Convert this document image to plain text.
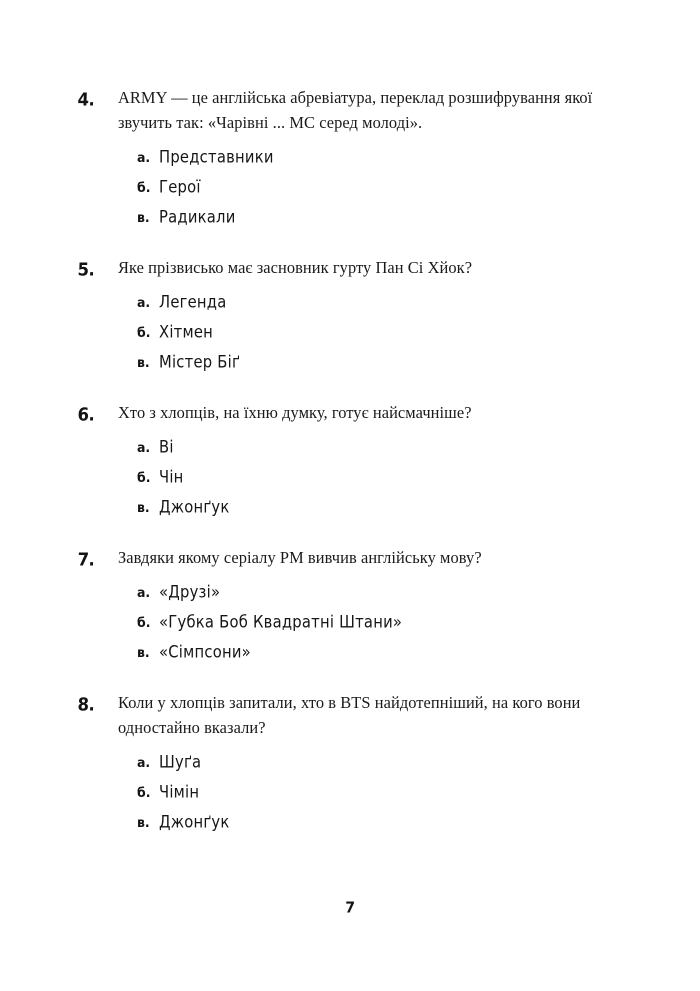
4.	ARMY — це англійська абревіатура, переклад розшифрування якої звучить так: «Чарівні ... MC серед молоді».
а. Представники
б. Герої
в. Радикали
5.	Яке прізвисько має засновник гурту Пан Сі Хйок?
а. Легенда
б. Хітмен
в. Містер Біґ
6.	Хто з хлопців, на їхню думку, готує найсмачніше?
а. Ві
б. Чін
в. Джонґук
7.	Завдяки якому серіалу РМ вивчив англійську мову?
а. «Друзі»
б. «Губка Боб Квадратні Штани»
в. «Сімпсони»
8.	Коли у хлопців запитали, хто в BTS найдотепніший, на кого вони одностайно вказали?
а. Шуґа
б. Чімін
в. Джонґук
7
